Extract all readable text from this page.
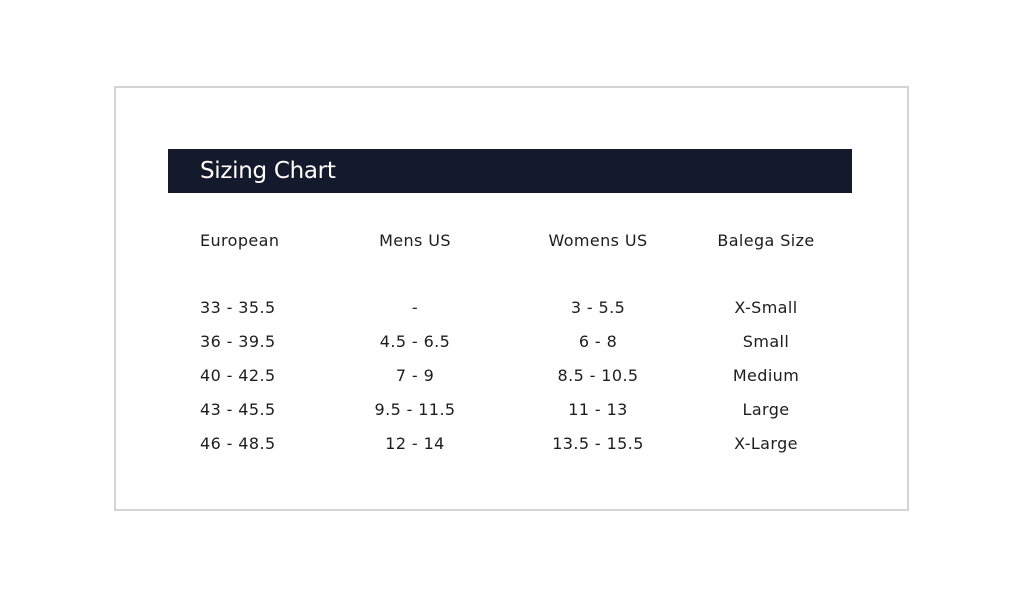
Sizing Chart
European	Mens US	Womens US	Balega Size
33 - 35.5	-	3 - 5.5	X-Small
36 - 39.5	4.5 - 6.5	6 - 8	Small
40 - 42.5	7 - 9	8.5 - 10.5	Medium
43 - 45.5	9.5 - 11.5	11 - 13	Large
46 - 48.5	12 - 14	13.5 - 15.5	X-Large
